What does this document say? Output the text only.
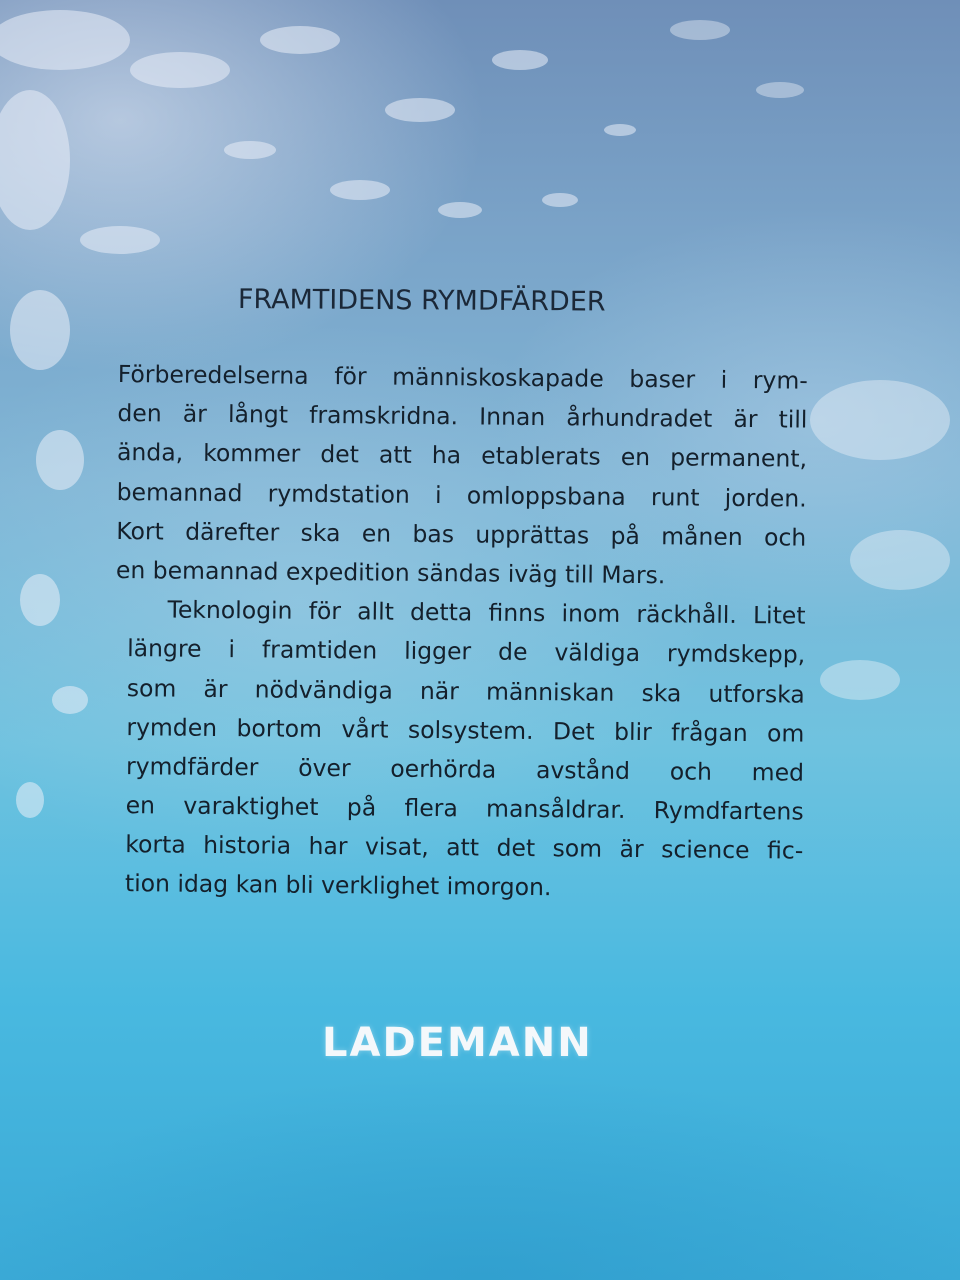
FRAMTIDENS RYMDFÄRDER
Förberedelserna för människoskapade baser i rym-
den är långt framskridna. Innan århundradet är till
ända, kommer det att ha etablerats en permanent,
bemannad rymdstation i omloppsbana runt jorden.
Kort därefter ska en bas upprättas på månen och
en bemannad expedition sändas iväg till Mars.
Teknologin för allt detta finns inom räckhåll. Litet
längre i framtiden ligger de väldiga rymdskepp,
som är nödvändiga när människan ska utforska
rymden bortom vårt solsystem. Det blir frågan om
rymdfärder över oerhörda avstånd och med
en varaktighet på flera mansåldrar. Rymdfartens
korta historia har visat, att det som är science fic-
tion idag kan bli verklighet imorgon.
LADEMANN
